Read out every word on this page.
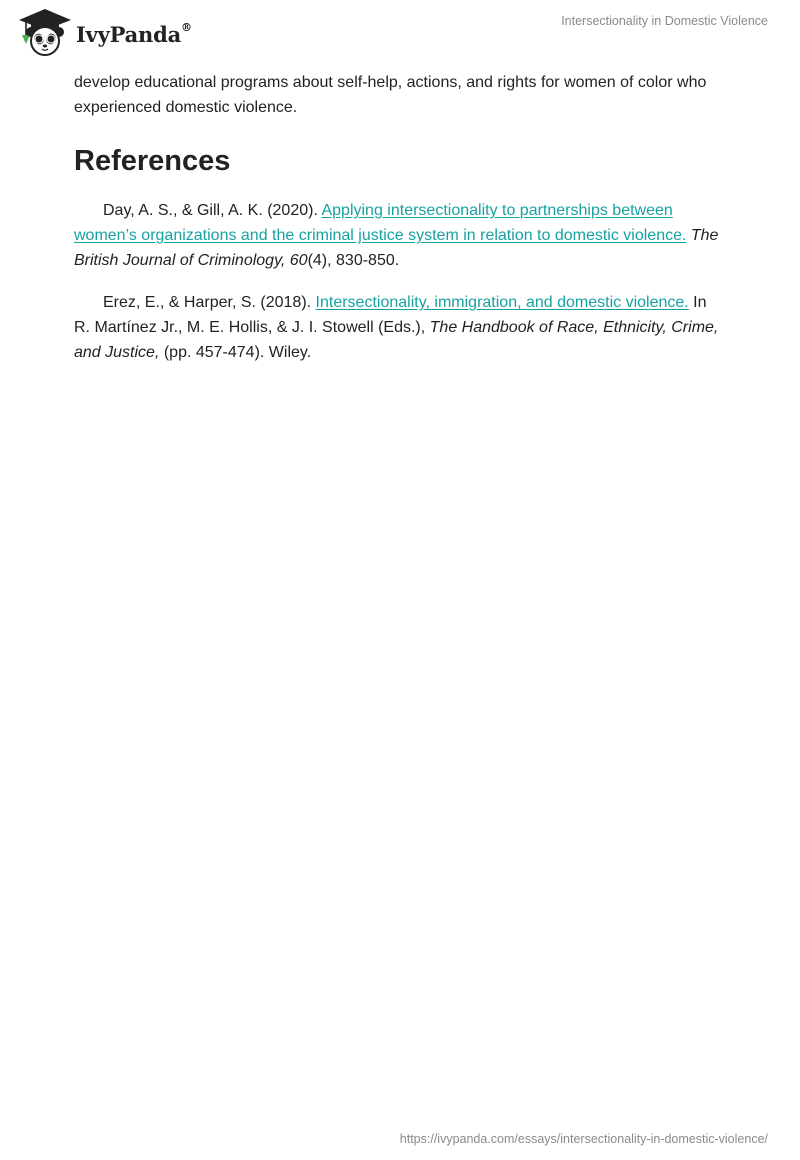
IvyPanda®	Intersectionality in Domestic Violence

develop educational programs about self-help, actions, and rights for women of color who experienced domestic violence.

References

Day, A. S., & Gill, A. K. (2020). Applying intersectionality to partnerships between women’s organizations and the criminal justice system in relation to domestic violence. The British Journal of Criminology, 60(4), 830-850.

Erez, E., & Harper, S. (2018). Intersectionality, immigration, and domestic violence. In R. Martínez Jr., M. E. Hollis, & J. I. Stowell (Eds.), The Handbook of Race, Ethnicity, Crime, and Justice, (pp. 457-474). Wiley.

https://ivypanda.com/essays/intersectionality-in-domestic-violence/
